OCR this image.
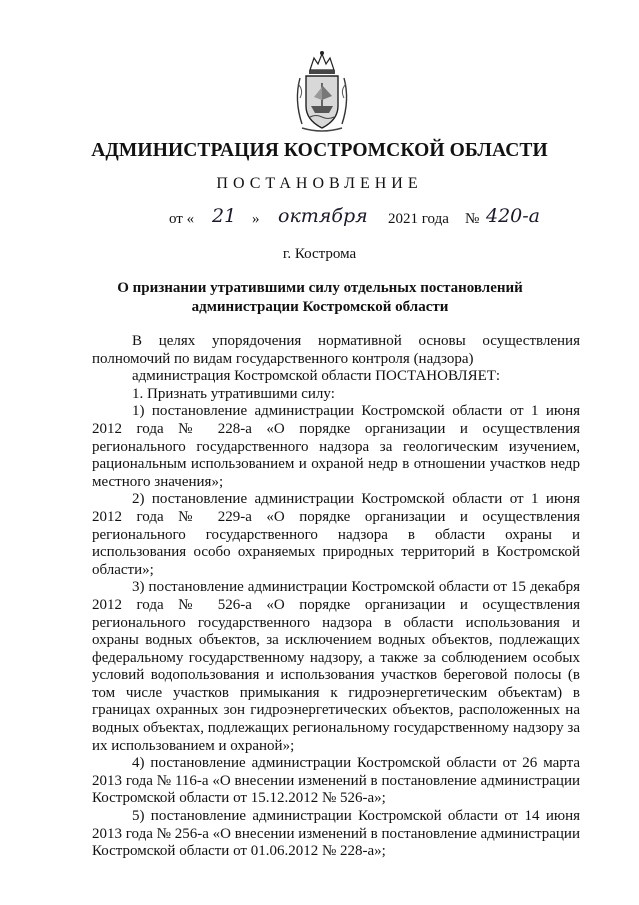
АДМИНИСТРАЦИЯ КОСТРОМСКОЙ ОБЛАСТИ
ПОСТАНОВЛЕНИЕ
от « 21 » октября 2021 года № 420-а
г. Кострома
О признании утратившими силу отдельных постановлений
администрации Костромской области

В целях упорядочения нормативной основы осуществления полномочий по видам государственного контроля (надзора)

администрация Костромской области ПОСТАНОВЛЯЕТ:

1. Признать утратившими силу:

1) постановление администрации Костромской области от 1 июня 2012 года № 228-а «О порядке организации и осуществления регионального государственного надзора за геологическим изучением, рациональным использованием и охраной недр в отношении участков недр местного значения»;

2) постановление администрации Костромской области от 1 июня 2012 года № 229-а «О порядке организации и осуществления регионального государственного надзора в области охраны и использования особо охраняемых природных территорий в Костромской области»;

3) постановление администрации Костромской области от 15 декабря 2012 года № 526-а «О порядке организации и осуществления регионального государственного надзора в области использования и охраны водных объектов, за исключением водных объектов, подлежащих федеральному государственному надзору, а также за соблюдением особых условий водопользования и использования участков береговой полосы (в том числе участков примыкания к гидроэнергетическим объектам) в границах охранных зон гидроэнергетических объектов, расположенных на водных объектах, подлежащих региональному государственному надзору за их использованием и охраной»;

4) постановление администрации Костромской области от 26 марта 2013 года № 116-а «О внесении изменений в постановление администрации Костромской области от 15.12.2012 № 526-а»;

5) постановление администрации Костромской области от 14 июня 2013 года № 256-а «О внесении изменений в постановление администрации Костромской области от 01.06.2012 № 228-а»;
